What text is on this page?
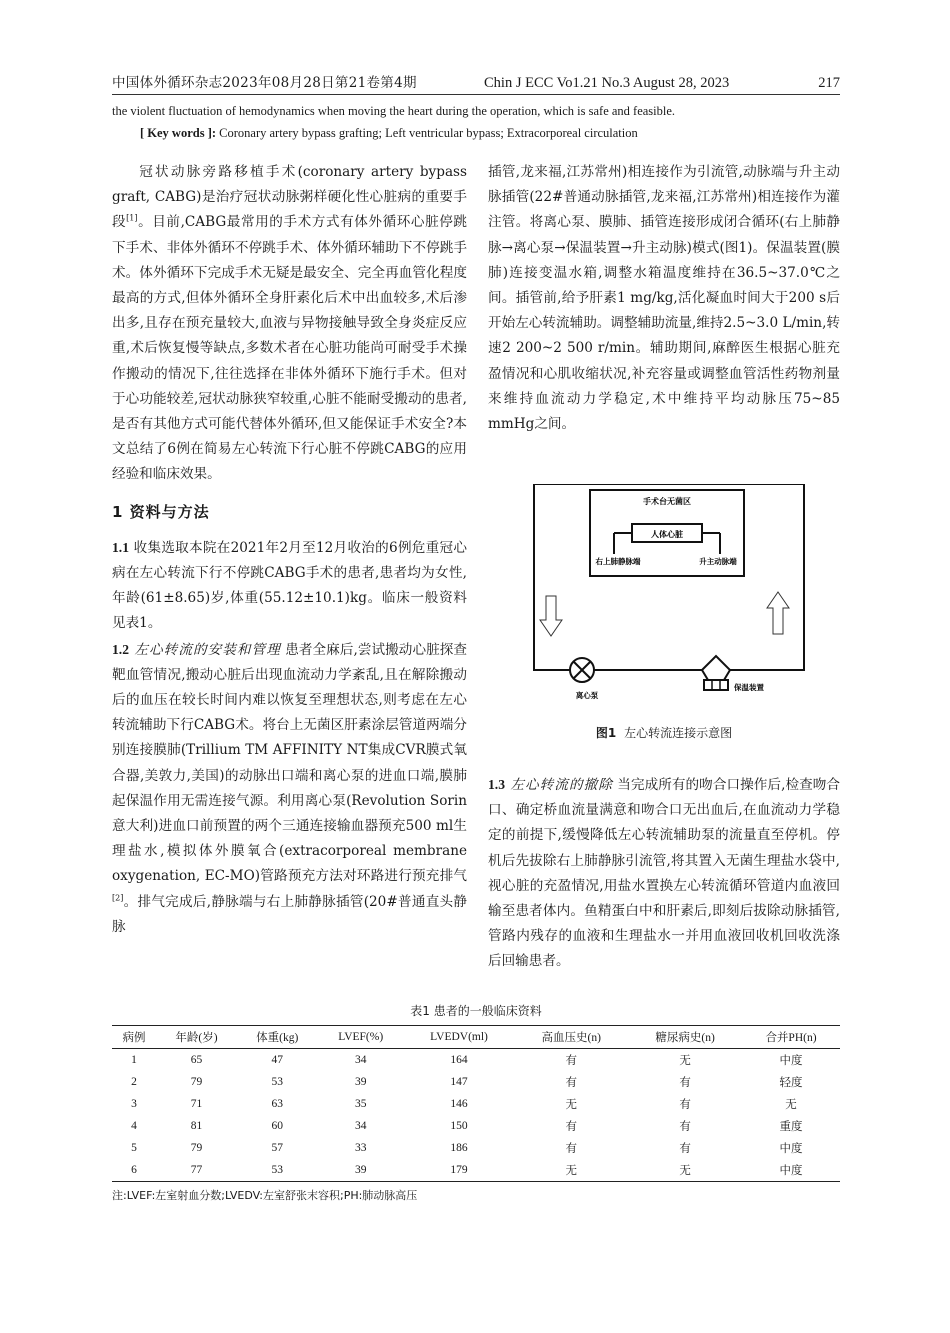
中国体外循环杂志2023年08月28日第21卷第4期	Chin J ECC Vo1.21 No.3 August 28, 2023	217
the violent fluctuation of hemodynamics when moving the heart during the operation, which is safe and feasible.
[ Key words ]: Coronary artery bypass grafting; Left ventricular bypass; Extracorporeal circulation

冠状动脉旁路移植手术(coronary artery bypass graft, CABG)是治疗冠状动脉粥样硬化性心脏病的重要手段[1]。目前,CABG最常用的手术方式有体外循环心脏停跳下手术、非体外循环不停跳手术、体外循环辅助下不停跳手术。体外循环下完成手术无疑是最安全、完全再血管化程度最高的方式,但体外循环全身肝素化后术中出血较多,术后渗出多,且存在预充量较大,血液与异物接触导致全身炎症反应重,术后恢复慢等缺点,多数术者在心脏功能尚可耐受手术操作搬动的情况下,往往选择在非体外循环下施行手术。但对于心功能较差,冠状动脉狭窄较重,心脏不能耐受搬动的患者,是否有其他方式可能代替体外循环,但又能保证手术安全?本文总结了6例在简易左心转流下行心脏不停跳CABG的应用经验和临床效果。

1 资料与方法

1.1 收集选取本院在2021年2月至12月收治的6例危重冠心病在左心转流下行不停跳CABG手术的患者,患者均为女性,年龄(61±8.65)岁,体重(55.12±10.1)kg。临床一般资料见表1。

1.2 左心转流的安装和管理 患者全麻后,尝试搬动心脏探查靶血管情况,搬动心脏后出现血流动力学紊乱,且在解除搬动后的血压在较长时间内难以恢复至理想状态,则考虑在左心转流辅助下行CABG术。将台上无菌区肝素涂层管道两端分别连接膜肺(Trillium TM AFFINITY NT集成CVR膜式氧合器,美敦力,美国)的动脉出口端和离心泵的进血口端,膜肺起保温作用无需连接气源。利用离心泵(Revolution Sorin 意大利)进血口前预置的两个三通连接输血器预充500 ml生理盐水,模拟体外膜氧合(extracorporeal membrane oxygenation, EC-MO)管路预充方法对环路进行预充排气[2]。排气完成后,静脉端与右上肺静脉插管(20#普通直头静脉

插管,龙来福,江苏常州)相连接作为引流管,动脉端与升主动脉插管(22#普通动脉插管,龙来福,江苏常州)相连接作为灌注管。将离心泵、膜肺、插管连接形成闭合循环(右上肺静脉→离心泵→保温装置→升主动脉)模式(图1)。保温装置(膜肺)连接变温水箱,调整水箱温度维持在36.5~37.0℃之间。插管前,给予肝素1 mg/kg,活化凝血时间大于200 s后开始左心转流辅助。调整辅助流量,维持2.5~3.0 L/min,转速2 200~2 500 r/min。辅助期间,麻醉医生根据心脏充盈情况和心肌收缩状况,补充容量或调整血管活性药物剂量来维持血流动力学稳定,术中维持平均动脉压75~85 mmHg之间。

手术台无菌区
人体心脏
右上肺静脉端	升主动脉端
离心泵
保温装置
图1 左心转流连接示意图

1.3 左心转流的撤除 当完成所有的吻合口操作后,检查吻合口、确定桥血流量满意和吻合口无出血后,在血流动力学稳定的前提下,缓慢降低左心转流辅助泵的流量直至停机。停机后先拔除右上肺静脉引流管,将其置入无菌生理盐水袋中,视心脏的充盈情况,用盐水置换左心转流循环管道内血液回输至患者体内。鱼精蛋白中和肝素后,即刻后拔除动脉插管,管路内残存的血液和生理盐水一并用血液回收机回收洗涤后回输患者。

表1 患者的一般临床资料
病例	年龄(岁)	体重(kg)	LVEF(%)	LVEDV(ml)	高血压史(n)	糖尿病史(n)	合并PH(n)
1	65	47	34	164	有	无	中度
2	79	53	39	147	有	有	轻度
3	71	63	35	146	无	有	无
4	81	60	34	150	有	有	重度
5	79	57	33	186	有	有	中度
6	77	53	39	179	无	无	中度
注:LVEF:左室射血分数;LVEDV:左室舒张末容积;PH:肺动脉高压
